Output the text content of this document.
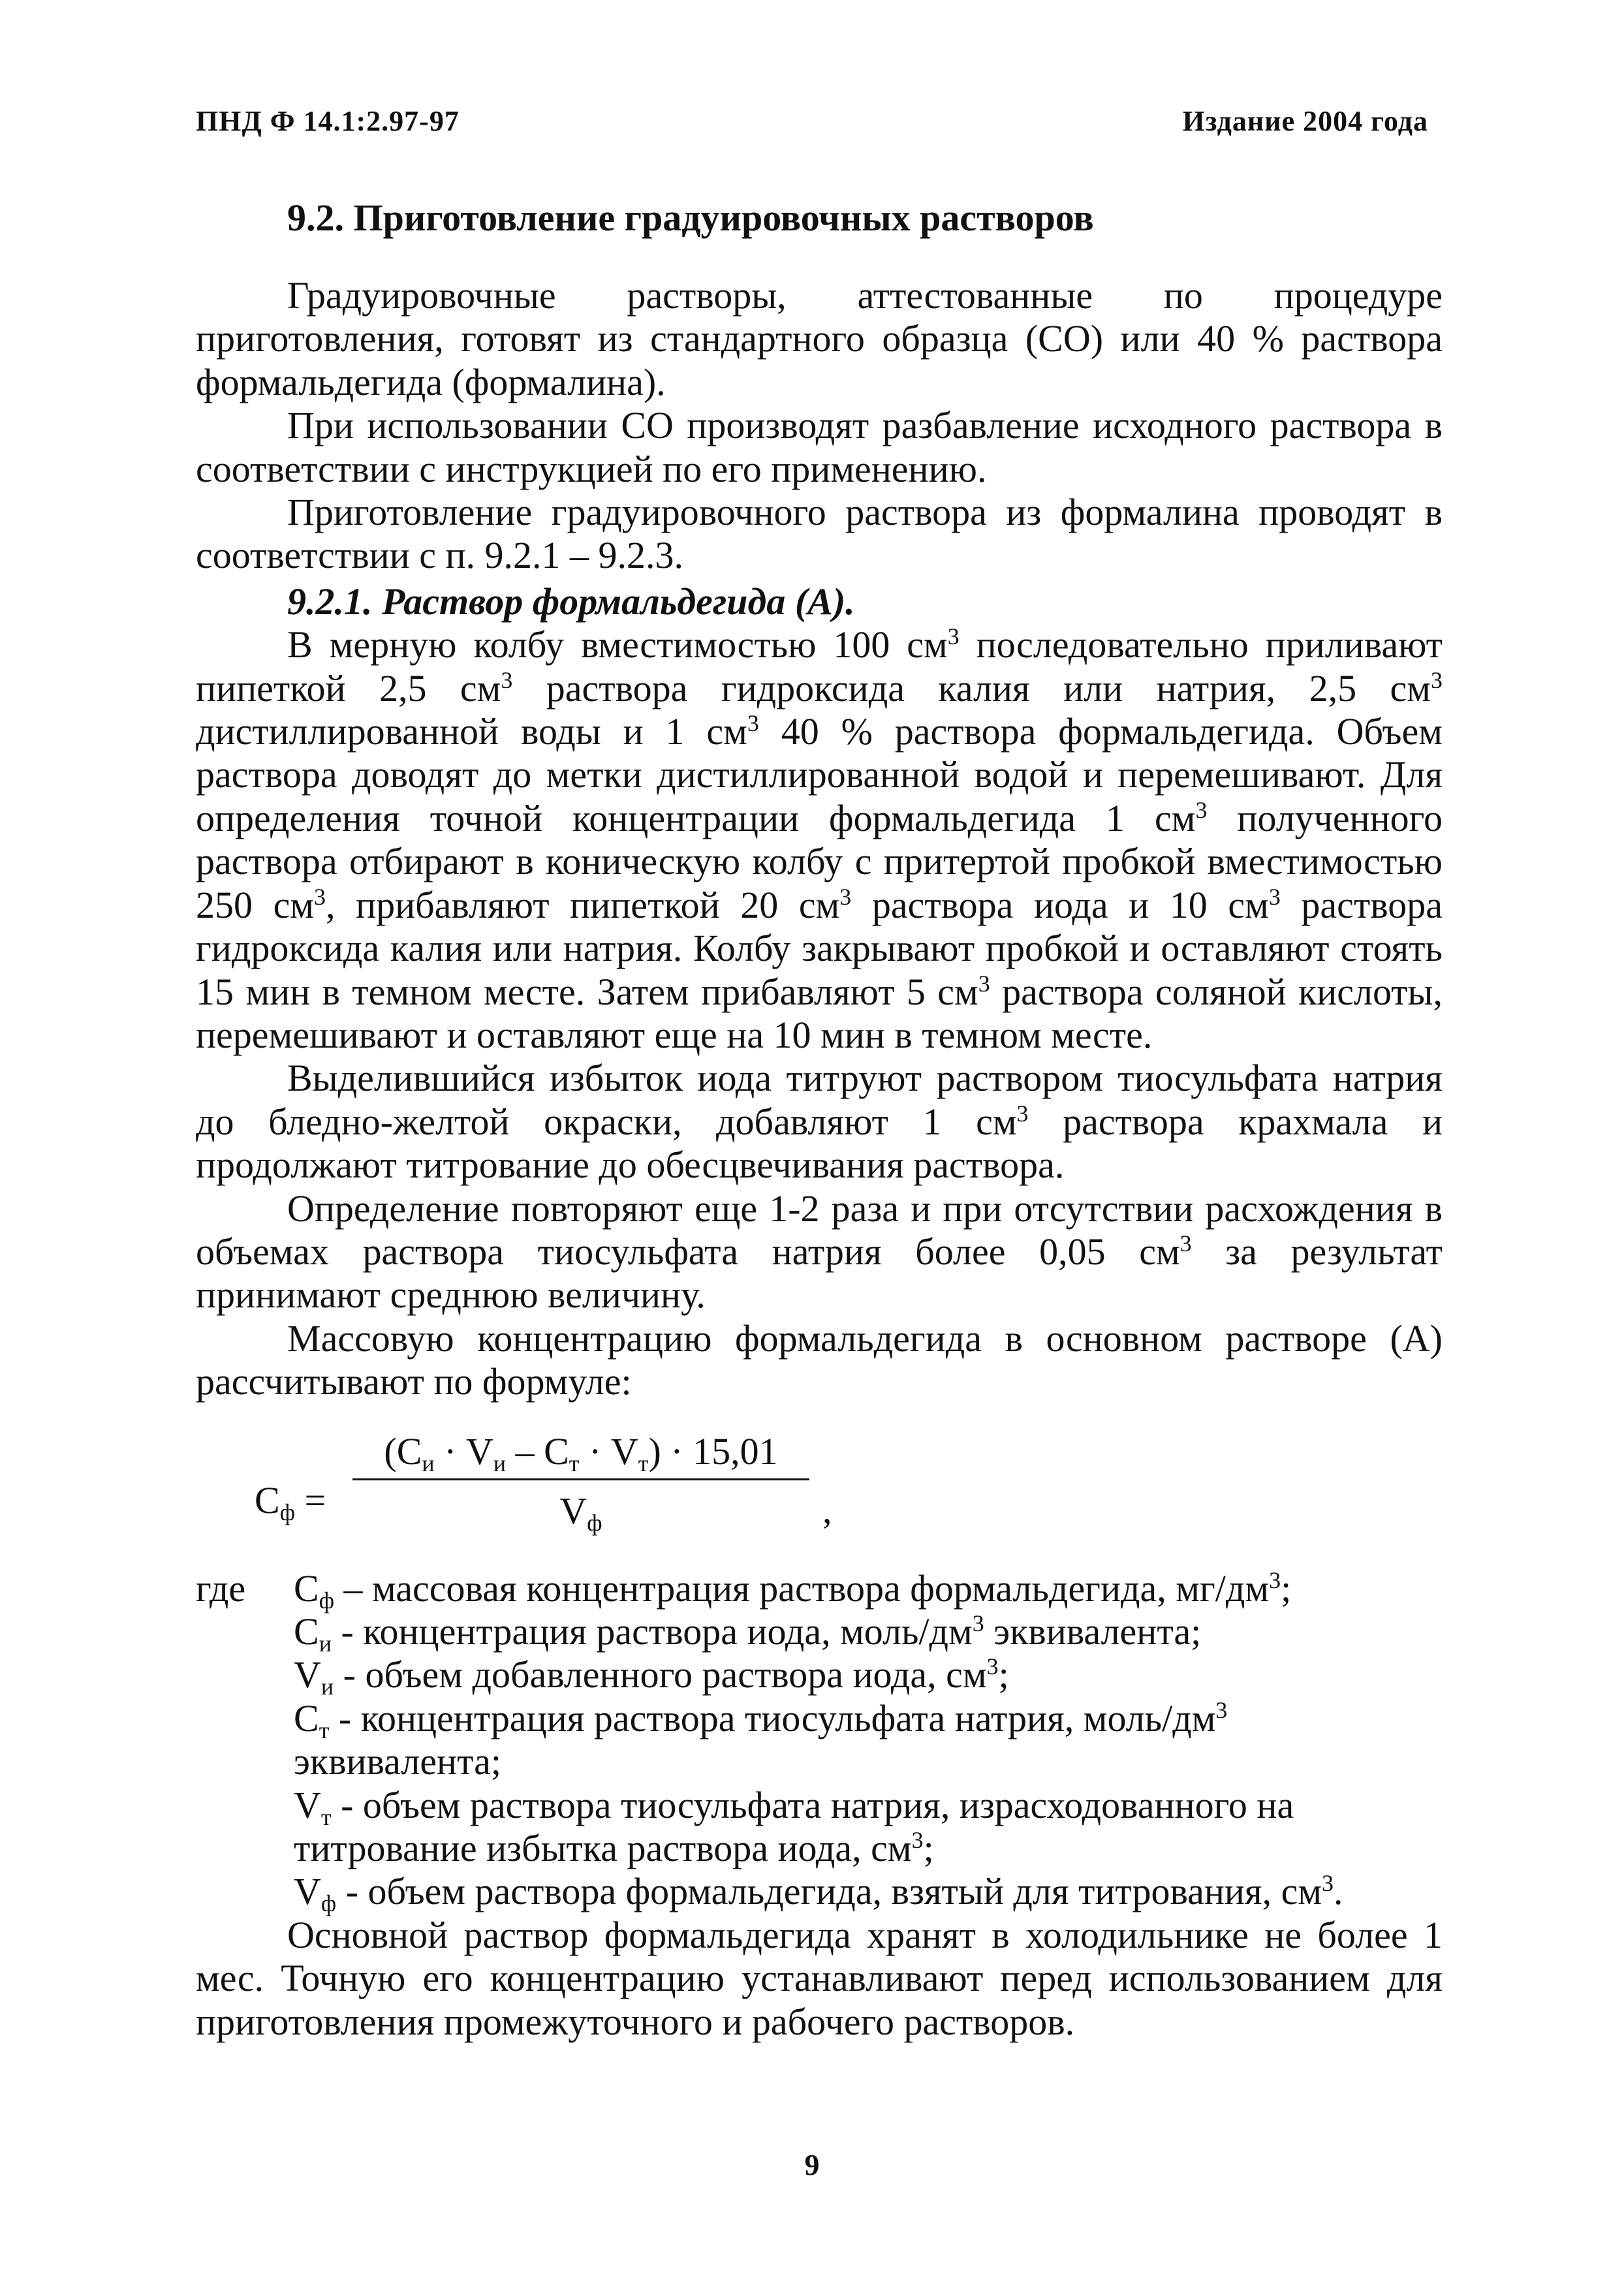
ПНД Ф 14.1:2.97-97	Издание 2004 года
9.2. Приготовление градуировочных растворов

Градуировочные растворы, аттестованные по процедуре приготовления, готовят из стандартного образца (СО) или 40 % раствора формальдегида (формалина).

При использовании СО производят разбавление исходного раствора в соответствии с инструкцией по его применению.

Приготовление градуировочного раствора из формалина проводят в соответствии с п. 9.2.1 – 9.2.3.

9.2.1. Раствор формальдегида (А).

В мерную колбу вместимостью 100 $см^3$ последовательно приливают пипеткой 2,5 $см^3$ раствора гидроксида калия или натрия, 2,5 $см^3$ дистиллированной воды и 1 $см^3$ 40 % раствора формальдегида. Объем раствора доводят до метки дистиллированной водой и перемешивают. Для определения точной концентрации формальдегида 1 $см^3$ полученного раствора отбирают в коническую колбу с притертой пробкой вместимостью 250 $см^3$, прибавляют пипеткой 20 $см^3$ раствора иода и 10 $см^3$ раствора гидроксида калия или натрия. Колбу закрывают пробкой и оставляют стоять 15 мин в темном месте. Затем прибавляют 5 $см^3$ раствора соляной кислоты, перемешивают и оставляют еще на 10 мин в темном месте.

Выделившийся избыток иода титруют раствором тиосульфата натрия до бледно-желтой окраски, добавляют 1 $см^3$ раствора крахмала и продолжают титрование до обесцвечивания раствора.

Определение повторяют еще 1-2 раза и при отсутствии расхождения в объемах раствора тиосульфата натрия более 0,05 $см^3$ за результат принимают среднюю величину.

Массовую концентрацию формальдегида в основном растворе (А) рассчитывают по формуле:

$C_ф$ =
$(C_и \cdot V_и - C_т \cdot V_т) \cdot 15,01$
$V_ф$	,
где $C_ф$ – массовая концентрация раствора формальдегида, $мг/дм^3$;
$C_и$ - концентрация раствора иода, моль/$дм^3$ эквивалента;
$V_и$ - объем добавленного раствора иода, $см^3$;
$C_т$ - концентрация раствора тиосульфата натрия, моль/$дм^3$
эквивалента;
$V_т$ - объем раствора тиосульфата натрия, израсходованного на титрование избытка раствора иода, $см^3$;
$V_ф$ - объем раствора формальдегида, взятый для титрования, $см^3$.

Основной раствор формальдегида хранят в холодильнике не более 1 мес. Точную его концентрацию устанавливают перед использованием для приготовления промежуточного и рабочего растворов.

9
